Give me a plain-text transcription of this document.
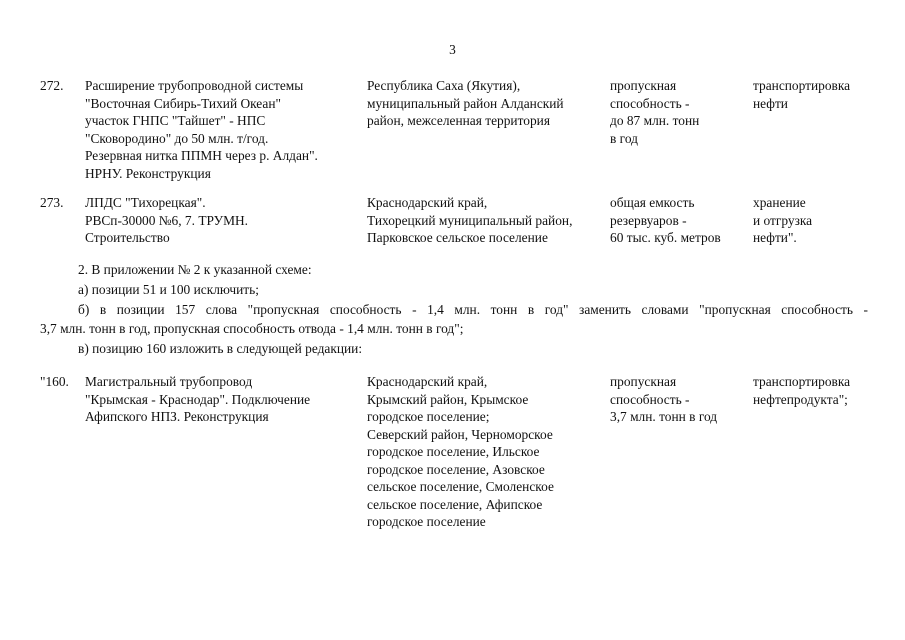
3
272. Расширение трубопроводной системы
"Восточная Сибирь-Тихий Океан"
участок ГНПС "Тайшет" - НПС
"Сковородино" до 50 млн. т/год.
Резервная нитка ППМН через р. Алдан".
НРНУ. Реконструкция
Республика Саха (Якутия),
муниципальный район Алданский
район, межселенная территория
пропускная
способность -
до 87 млн. тонн
в год
транспортировка
нефти
273. ЛПДС "Тихорецкая".
РВСп-30000 №6, 7. ТРУМН.
Строительство
Краснодарский край,
Тихорецкий муниципальный район,
Парковское сельское поселение
общая емкость
резервуаров -
60 тыс. куб. метров
хранение
и отгрузка
нефти".
2. В приложении № 2 к указанной схеме:
а) позиции 51 и 100 исключить;
б) в позиции 157 слова "пропускная способность - 1,4 млн. тонн в год" заменить словами "пропускная способность -
3,7 млн. тонн в год, пропускная способность отвода - 1,4 млн. тонн в год";
в) позицию 160 изложить в следующей редакции:
"160. Магистральный трубопровод
"Крымская - Краснодар". Подключение
Афипского НПЗ. Реконструкция
Краснодарский край,
Крымский район, Крымское
городское поселение;
Северский район, Черноморское
городское поселение, Ильское
городское поселение, Азовское
сельское поселение, Смоленское
сельское поселение, Афипское
городское поселение
пропускная
способность -
3,7 млн. тонн в год
транспортировка
нефтепродукта";
